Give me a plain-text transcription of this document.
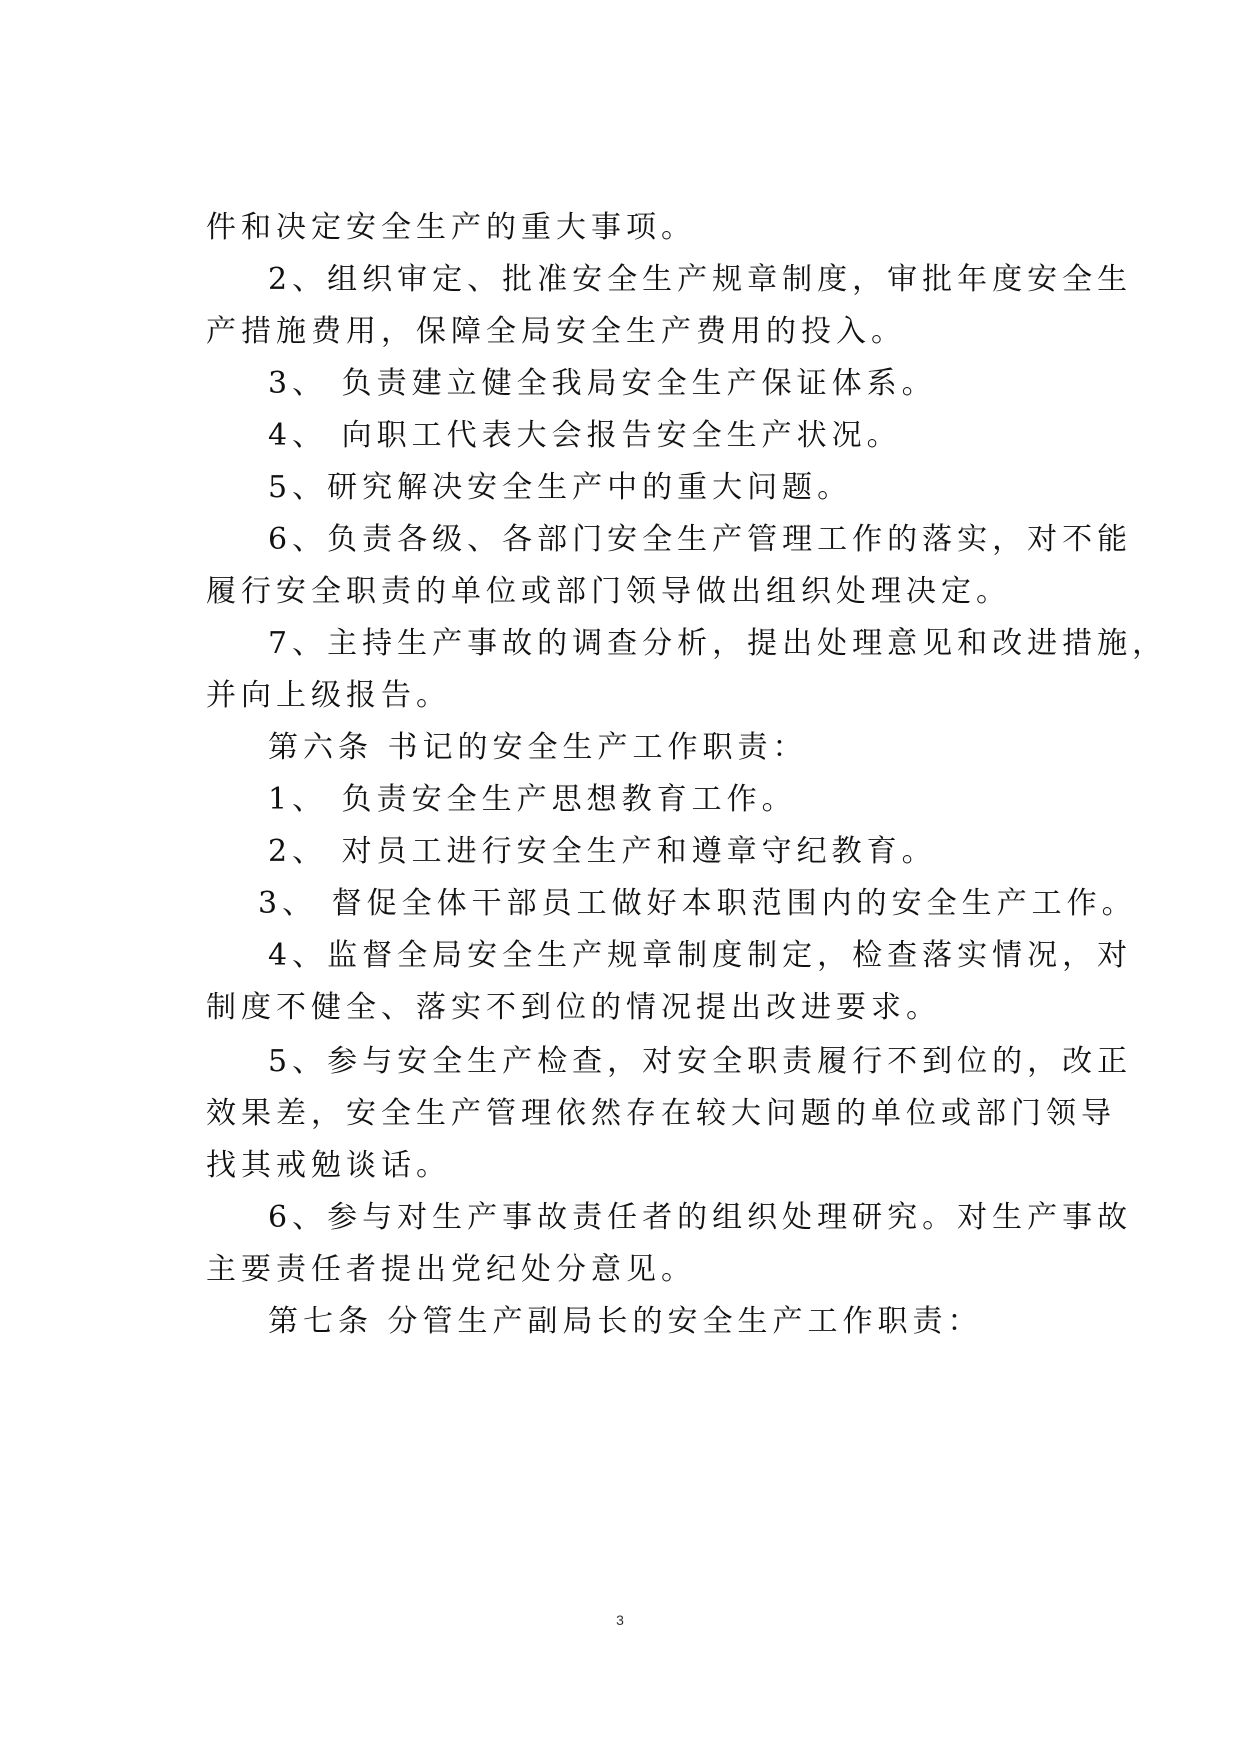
件和决定安全生产的重大事项。
2、组织审定、批准安全生产规章制度，审批年度安全生
产措施费用，保障全局安全生产费用的投入。
3、 负责建立健全我局安全生产保证体系。
4、 向职工代表大会报告安全生产状况。
5、研究解决安全生产中的重大问题。
6、负责各级、各部门安全生产管理工作的落实，对不能
履行安全职责的单位或部门领导做出组织处理决定。
7、主持生产事故的调查分析，提出处理意见和改进措施，
并向上级报告。
第六条 书记的安全生产工作职责：
1、 负责安全生产思想教育工作。
2、 对员工进行安全生产和遵章守纪教育。
3、 督促全体干部员工做好本职范围内的安全生产工作。
4、监督全局安全生产规章制度制定，检查落实情况，对
制度不健全、落实不到位的情况提出改进要求。
5、参与安全生产检查，对安全职责履行不到位的，改正
效果差，安全生产管理依然存在较大问题的单位或部门领导
找其戒勉谈话。
6、参与对生产事故责任者的组织处理研究。对生产事故
主要责任者提出党纪处分意见。
第七条 分管生产副局长的安全生产工作职责：
3
